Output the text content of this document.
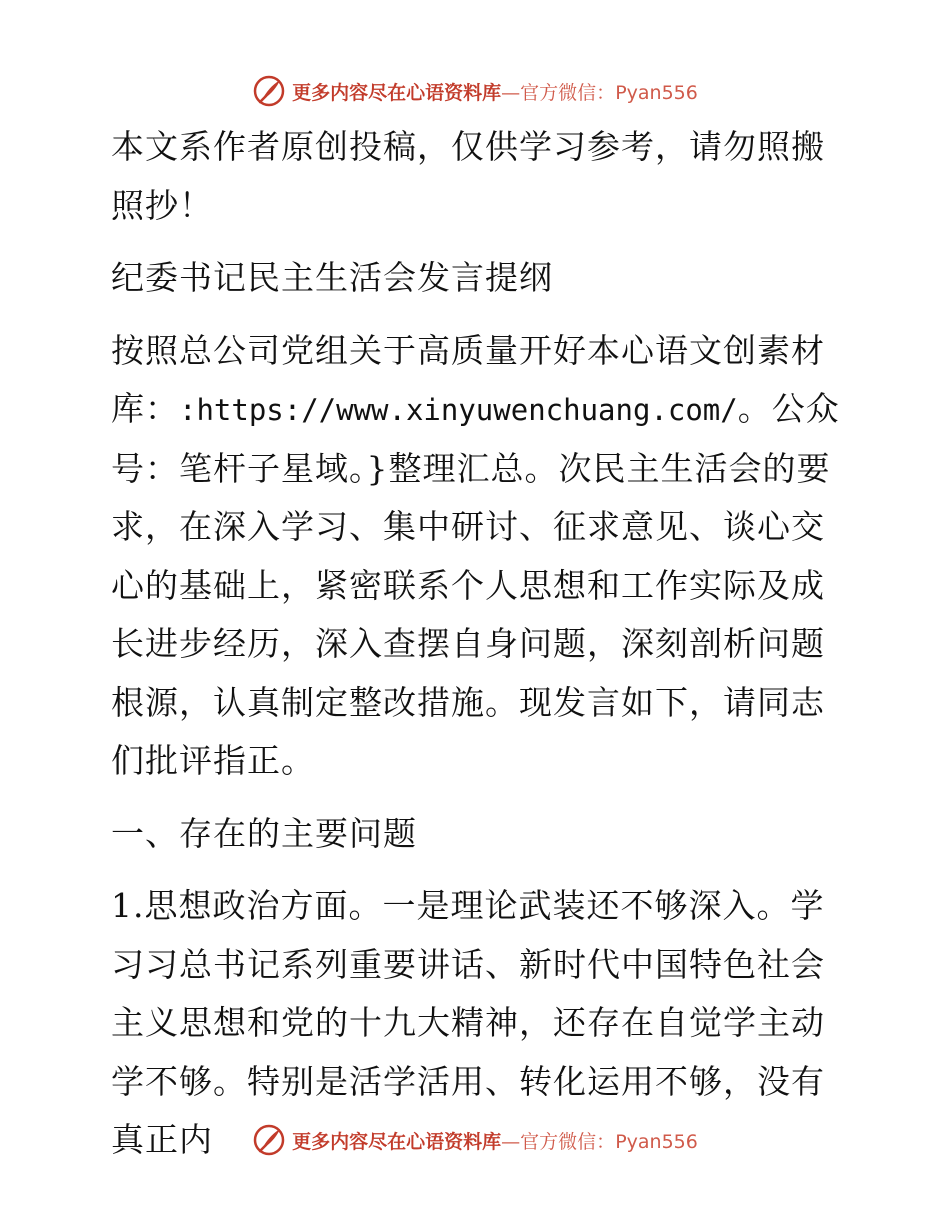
更多内容尽在心语资料库—官方微信：Pyan556

本文系作者原创投稿，仅供学习参考，请勿照搬照抄！

纪委书记民主生活会发言提纲

按照总公司党组关于高质量开好本心语文创素材库：:https://www.xinyuwenchuang.com/。公众号：笔杆子星域。}整理汇总。次民主生活会的要求，在深入学习、集中研讨、征求意见、谈心交心的基础上，紧密联系个人思想和工作实际及成长进步经历，深入查摆自身问题，深刻剖析问题根源，认真制定整改措施。现发言如下，请同志们批评指正。

一、存在的主要问题

1.思想政治方面。一是理论武装还不够深入。学习习总书记系列重要讲话、新时代中国特色社会主义思想和党的十九大精神，还存在自觉学主动学不够。特别是活学活用、转化运用不够，没有真正内	更多内容尽在心语资料库—官方微信：Pyan556
